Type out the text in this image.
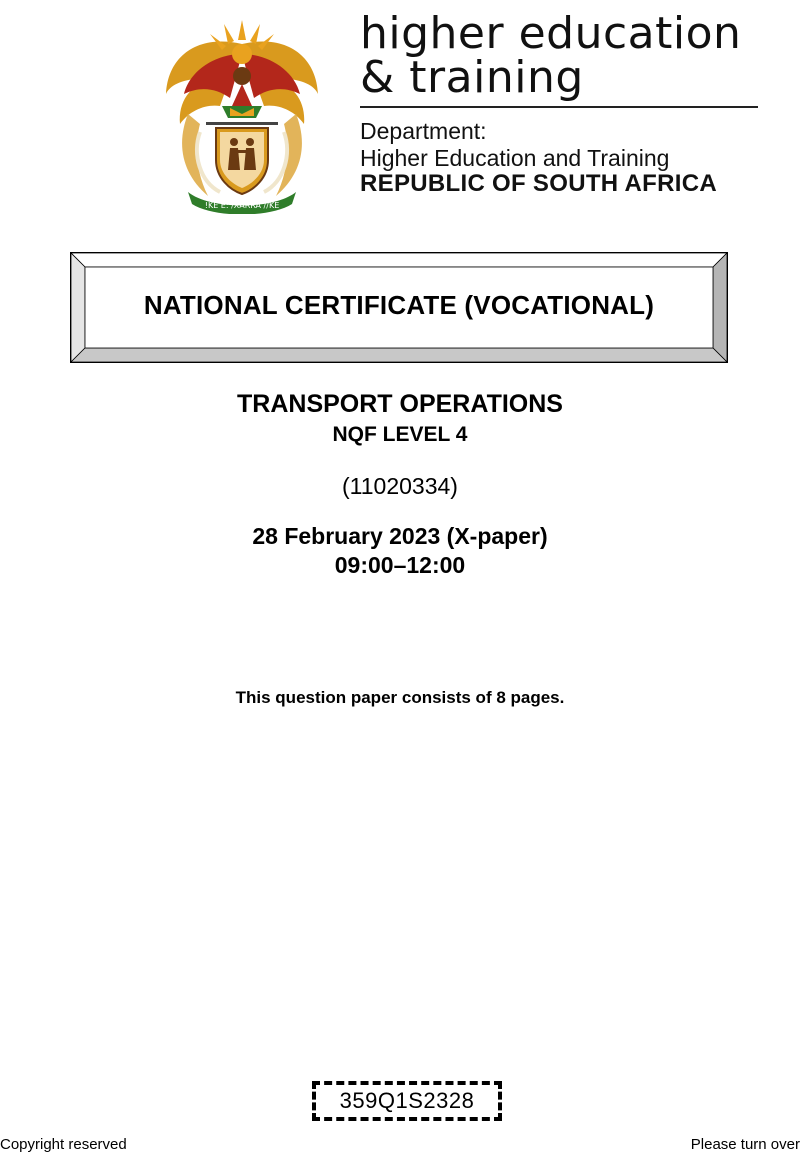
!KE E: /XARRA //KE
higher education
& training
Department:
Higher Education and Training
REPUBLIC OF SOUTH AFRICA
NATIONAL CERTIFICATE (VOCATIONAL)
TRANSPORT OPERATIONS
NQF LEVEL 4
(11020334)
28 February 2023 (X-paper)
09:00–12:00
This question paper consists of 8 pages.
359Q1S2328
Copyright reserved	Please turn over
